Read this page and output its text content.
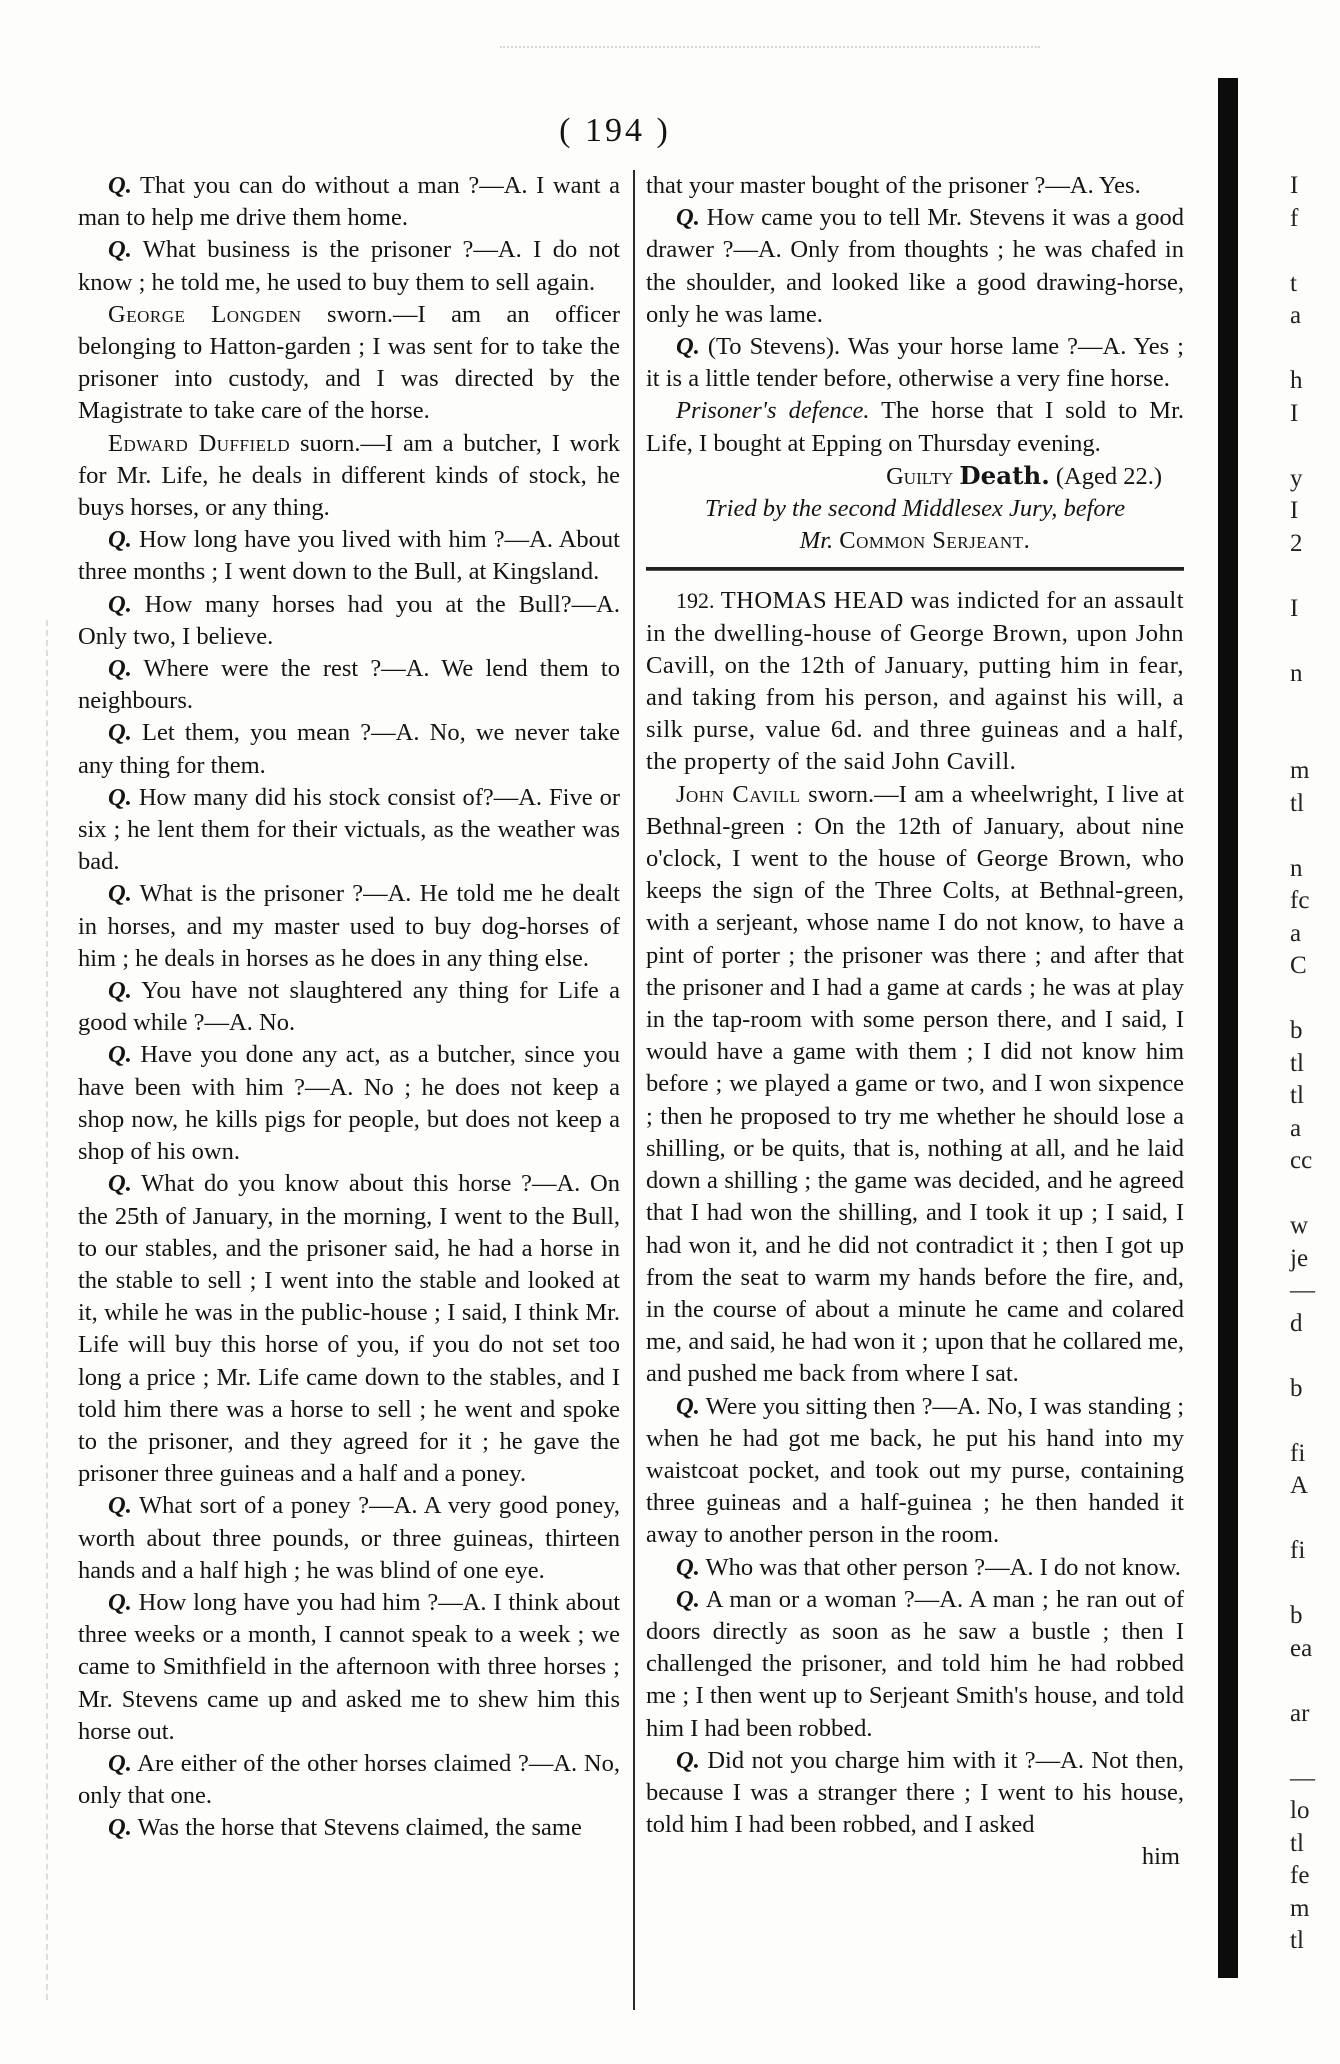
( 194 )

Q. That you can do without a man ?—A. I want a man to help me drive them home.

Q. What business is the prisoner ?—A. I do not know ; he told me, he used to buy them to sell again.

George Longden sworn.—I am an officer belonging to Hatton-garden ; I was sent for to take the prisoner into custody, and I was directed by the Magistrate to take care of the horse.

Edward Duffield suorn.—I am a butcher, I work for Mr. Life, he deals in different kinds of stock, he buys horses, or any thing.

Q. How long have you lived with him ?—A. About three months ; I went down to the Bull, at Kingsland.

Q. How many horses had you at the Bull?—A. Only two, I believe.

Q. Where were the rest ?—A. We lend them to neighbours.

Q. Let them, you mean ?—A. No, we never take any thing for them.

Q. How many did his stock consist of?—A. Five or six ; he lent them for their victuals, as the weather was bad.

Q. What is the prisoner ?—A. He told me he dealt in horses, and my master used to buy dog-horses of him ; he deals in horses as he does in any thing else.

Q. You have not slaughtered any thing for Life a good while ?—A. No.

Q. Have you done any act, as a butcher, since you have been with him ?—A. No ; he does not keep a shop now, he kills pigs for people, but does not keep a shop of his own.

Q. What do you know about this horse ?—A. On the 25th of January, in the morning, I went to the Bull, to our stables, and the prisoner said, he had a horse in the stable to sell ; I went into the stable and looked at it, while he was in the public-house ; I said, I think Mr. Life will buy this horse of you, if you do not set too long a price ; Mr. Life came down to the stables, and I told him there was a horse to sell ; he went and spoke to the prisoner, and they agreed for it ; he gave the prisoner three guineas and a half and a poney.

Q. What sort of a poney ?—A. A very good poney, worth about three pounds, or three guineas, thirteen hands and a half high ; he was blind of one eye.

Q. How long have you had him ?—A. I think about three weeks or a month, I cannot speak to a week ; we came to Smithfield in the afternoon with three horses ; Mr. Stevens came up and asked me to shew him this horse out.

Q. Are either of the other horses claimed ?—A. No, only that one.

Q. Was the horse that Stevens claimed, the same

that your master bought of the prisoner ?—A. Yes.

Q. How came you to tell Mr. Stevens it was a good drawer ?—A. Only from thoughts ; he was chafed in the shoulder, and looked like a good drawing-horse, only he was lame.

Q. (To Stevens). Was your horse lame ?—A. Yes ; it is a little tender before, otherwise a very fine horse.

Prisoner's defence. The horse that I sold to Mr. Life, I bought at Epping on Thursday evening.

Guilty Death. (Aged 22.)

Tried by the second Middlesex Jury, before

Mr. Common Serjeant.

192. THOMAS HEAD was indicted for an assault in the dwelling-house of George Brown, upon John Cavill, on the 12th of January, putting him in fear, and taking from his person, and against his will, a silk purse, value 6d. and three guineas and a half, the property of the said John Cavill.

John Cavill sworn.—I am a wheelwright, I live at Bethnal-green : On the 12th of January, about nine o'clock, I went to the house of George Brown, who keeps the sign of the Three Colts, at Bethnal-green, with a serjeant, whose name I do not know, to have a pint of porter ; the prisoner was there ; and after that the prisoner and I had a game at cards ; he was at play in the tap-room with some person there, and I said, I would have a game with them ; I did not know him before ; we played a game or two, and I won sixpence ; then he proposed to try me whether he should lose a shilling, or be quits, that is, nothing at all, and he laid down a shilling ; the game was decided, and he agreed that I had won the shilling, and I took it up ; I said, I had won it, and he did not contradict it ; then I got up from the seat to warm my hands before the fire, and, in the course of about a minute he came and colared me, and said, he had won it ; upon that he collared me, and pushed me back from where I sat.

Q. Were you sitting then ?—A. No, I was standing ; when he had got me back, he put his hand into my waistcoat pocket, and took out my purse, containing three guineas and a half-guinea ; he then handed it away to another person in the room.

Q. Who was that other person ?—A. I do not know.

Q. A man or a woman ?—A. A man ; he ran out of doors directly as soon as he saw a bustle ; then I challenged the prisoner, and told him he had robbed me ; I then went up to Serjeant Smith's house, and told him I had been robbed.

Q. Did not you charge him with it ?—A. Not then, because I was a stranger there ; I went to his house, told him I had been robbed, and I asked

him

I
f
t
a
h
I
y
I
2
I
n
m
tl
n
fc
a
C
b
tl
tl
a
cc
w
je
—
d
b
fi
A
fi
b
ea
ar
—
lo
tl
fe
m
tl
